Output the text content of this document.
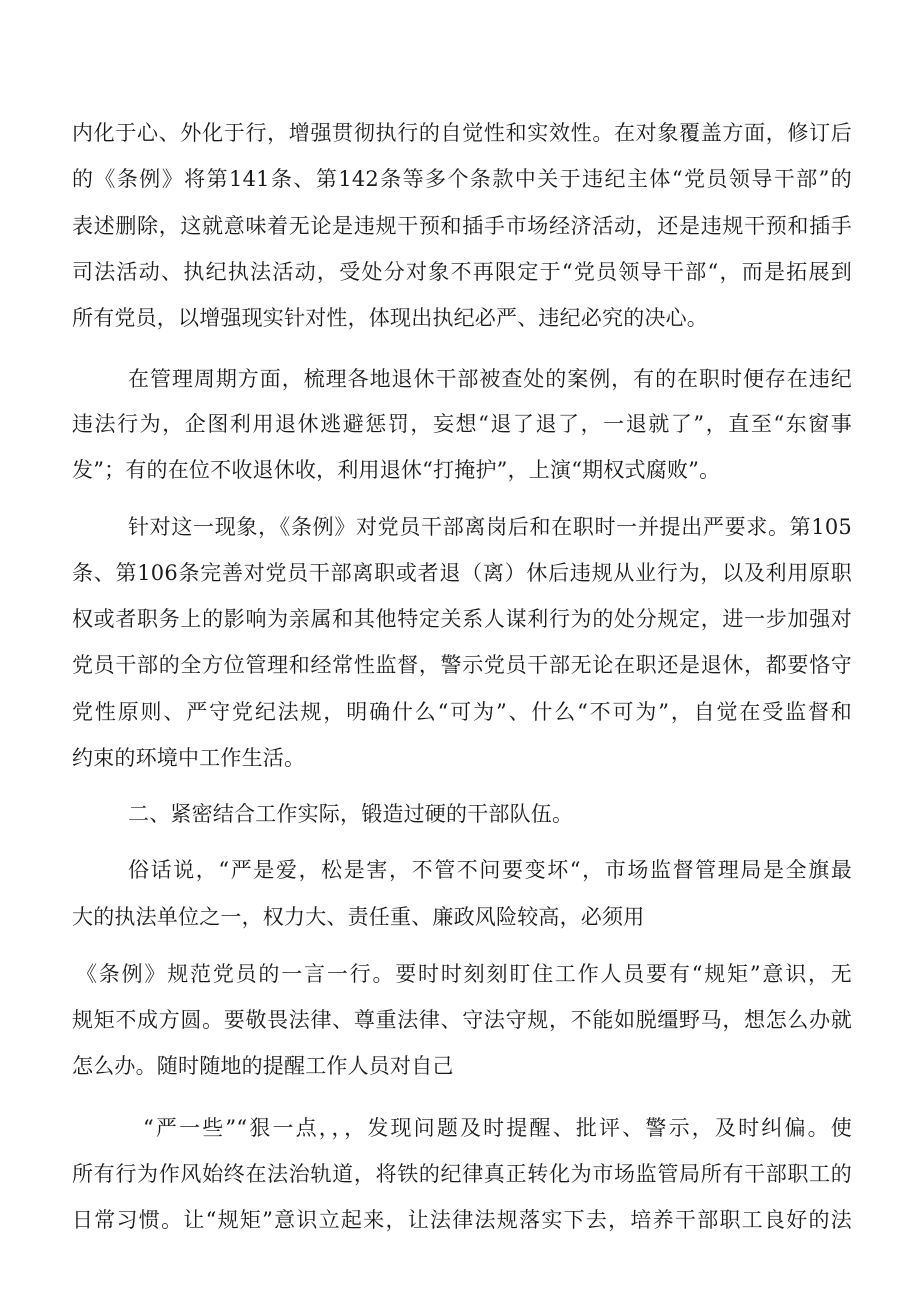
内化于心、外化于行，增强贯彻执行的自觉性和实效性。在对象覆盖方面，修订后
的《条例》将第141条、第142条等多个条款中关于违纪主体“党员领导干部”的
表述删除，这就意味着无论是违规干预和插手市场经济活动，还是违规干预和插手
司法活动、执纪执法活动，受处分对象不再限定于“党员领导干部“，而是拓展到
所有党员，以增强现实针对性，体现出执纪必严、违纪必究的决心。
在管理周期方面，梳理各地退休干部被查处的案例，有的在职时便存在违纪
违法行为，企图利用退休逃避惩罚，妄想“退了退了，一退就了”，直至“东窗事
发”；有的在位不收退休收，利用退休“打掩护”，上演“期权式腐败”。
针对这一现象，《条例》对党员干部离岗后和在职时一并提出严要求。第105
条、第106条完善对党员干部离职或者退（离）休后违规从业行为，以及利用原职
权或者职务上的影响为亲属和其他特定关系人谋利行为的处分规定，进一步加强对
党员干部的全方位管理和经常性监督，警示党员干部无论在职还是退休，都要恪守
党性原则、严守党纪法规，明确什么“可为”、什么“不可为”，自觉在受监督和
约束的环境中工作生活。
二、紧密结合工作实际，锻造过硬的干部队伍。
俗话说，“严是爱，松是害，不管不问要变坏“，市场监督管理局是全旗最
大的执法单位之一，权力大、责任重、廉政风险较高，必须用
《条例》规范党员的一言一行。要时时刻刻盯住工作人员要有“规矩”意识，无
规矩不成方圆。要敬畏法律、尊重法律、守法守规，不能如脱缰野马，想怎么办就
怎么办。随时随地的提醒工作人员对自己
“严一些”“狠一点，，，发现问题及时提醒、批评、警示，及时纠偏。使
所有行为作风始终在法治轨道，将铁的纪律真正转化为市场监管局所有干部职工的
日常习惯。让“规矩”意识立起来，让法律法规落实下去，培养干部职工良好的法
